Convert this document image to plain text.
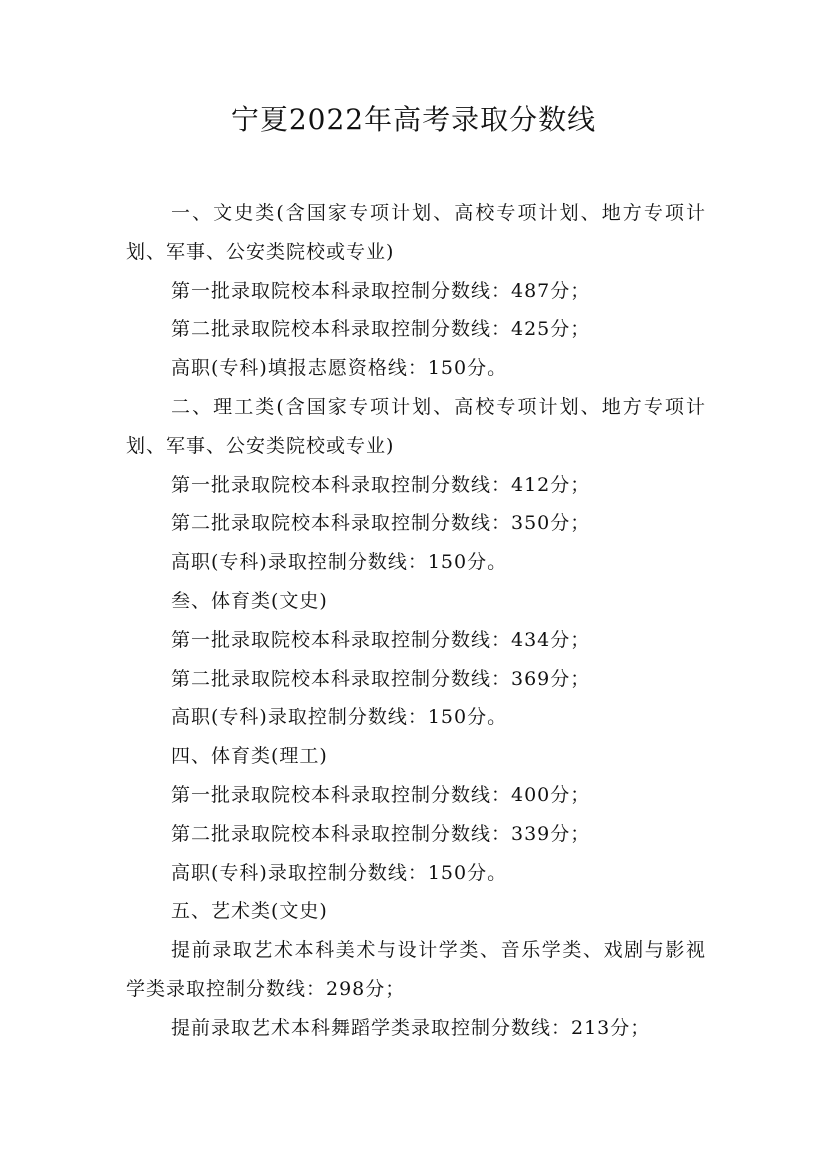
宁夏2022年高考录取分数线

一、文史类(含国家专项计划、高校专项计划、地方专项计划、军事、公安类院校或专业)

第一批录取院校本科录取控制分数线：487分；

第二批录取院校本科录取控制分数线：425分；

高职(专科)填报志愿资格线：150分。

二、理工类(含国家专项计划、高校专项计划、地方专项计划、军事、公安类院校或专业)

第一批录取院校本科录取控制分数线：412分；

第二批录取院校本科录取控制分数线：350分；

高职(专科)录取控制分数线：150分。

叁、体育类(文史)

第一批录取院校本科录取控制分数线：434分；

第二批录取院校本科录取控制分数线：369分；

高职(专科)录取控制分数线：150分。

四、体育类(理工)

第一批录取院校本科录取控制分数线：400分；

第二批录取院校本科录取控制分数线：339分；

高职(专科)录取控制分数线：150分。

五、艺术类(文史)

提前录取艺术本科美术与设计学类、音乐学类、戏剧与影视学类录取控制分数线：298分；

提前录取艺术本科舞蹈学类录取控制分数线：213分；
